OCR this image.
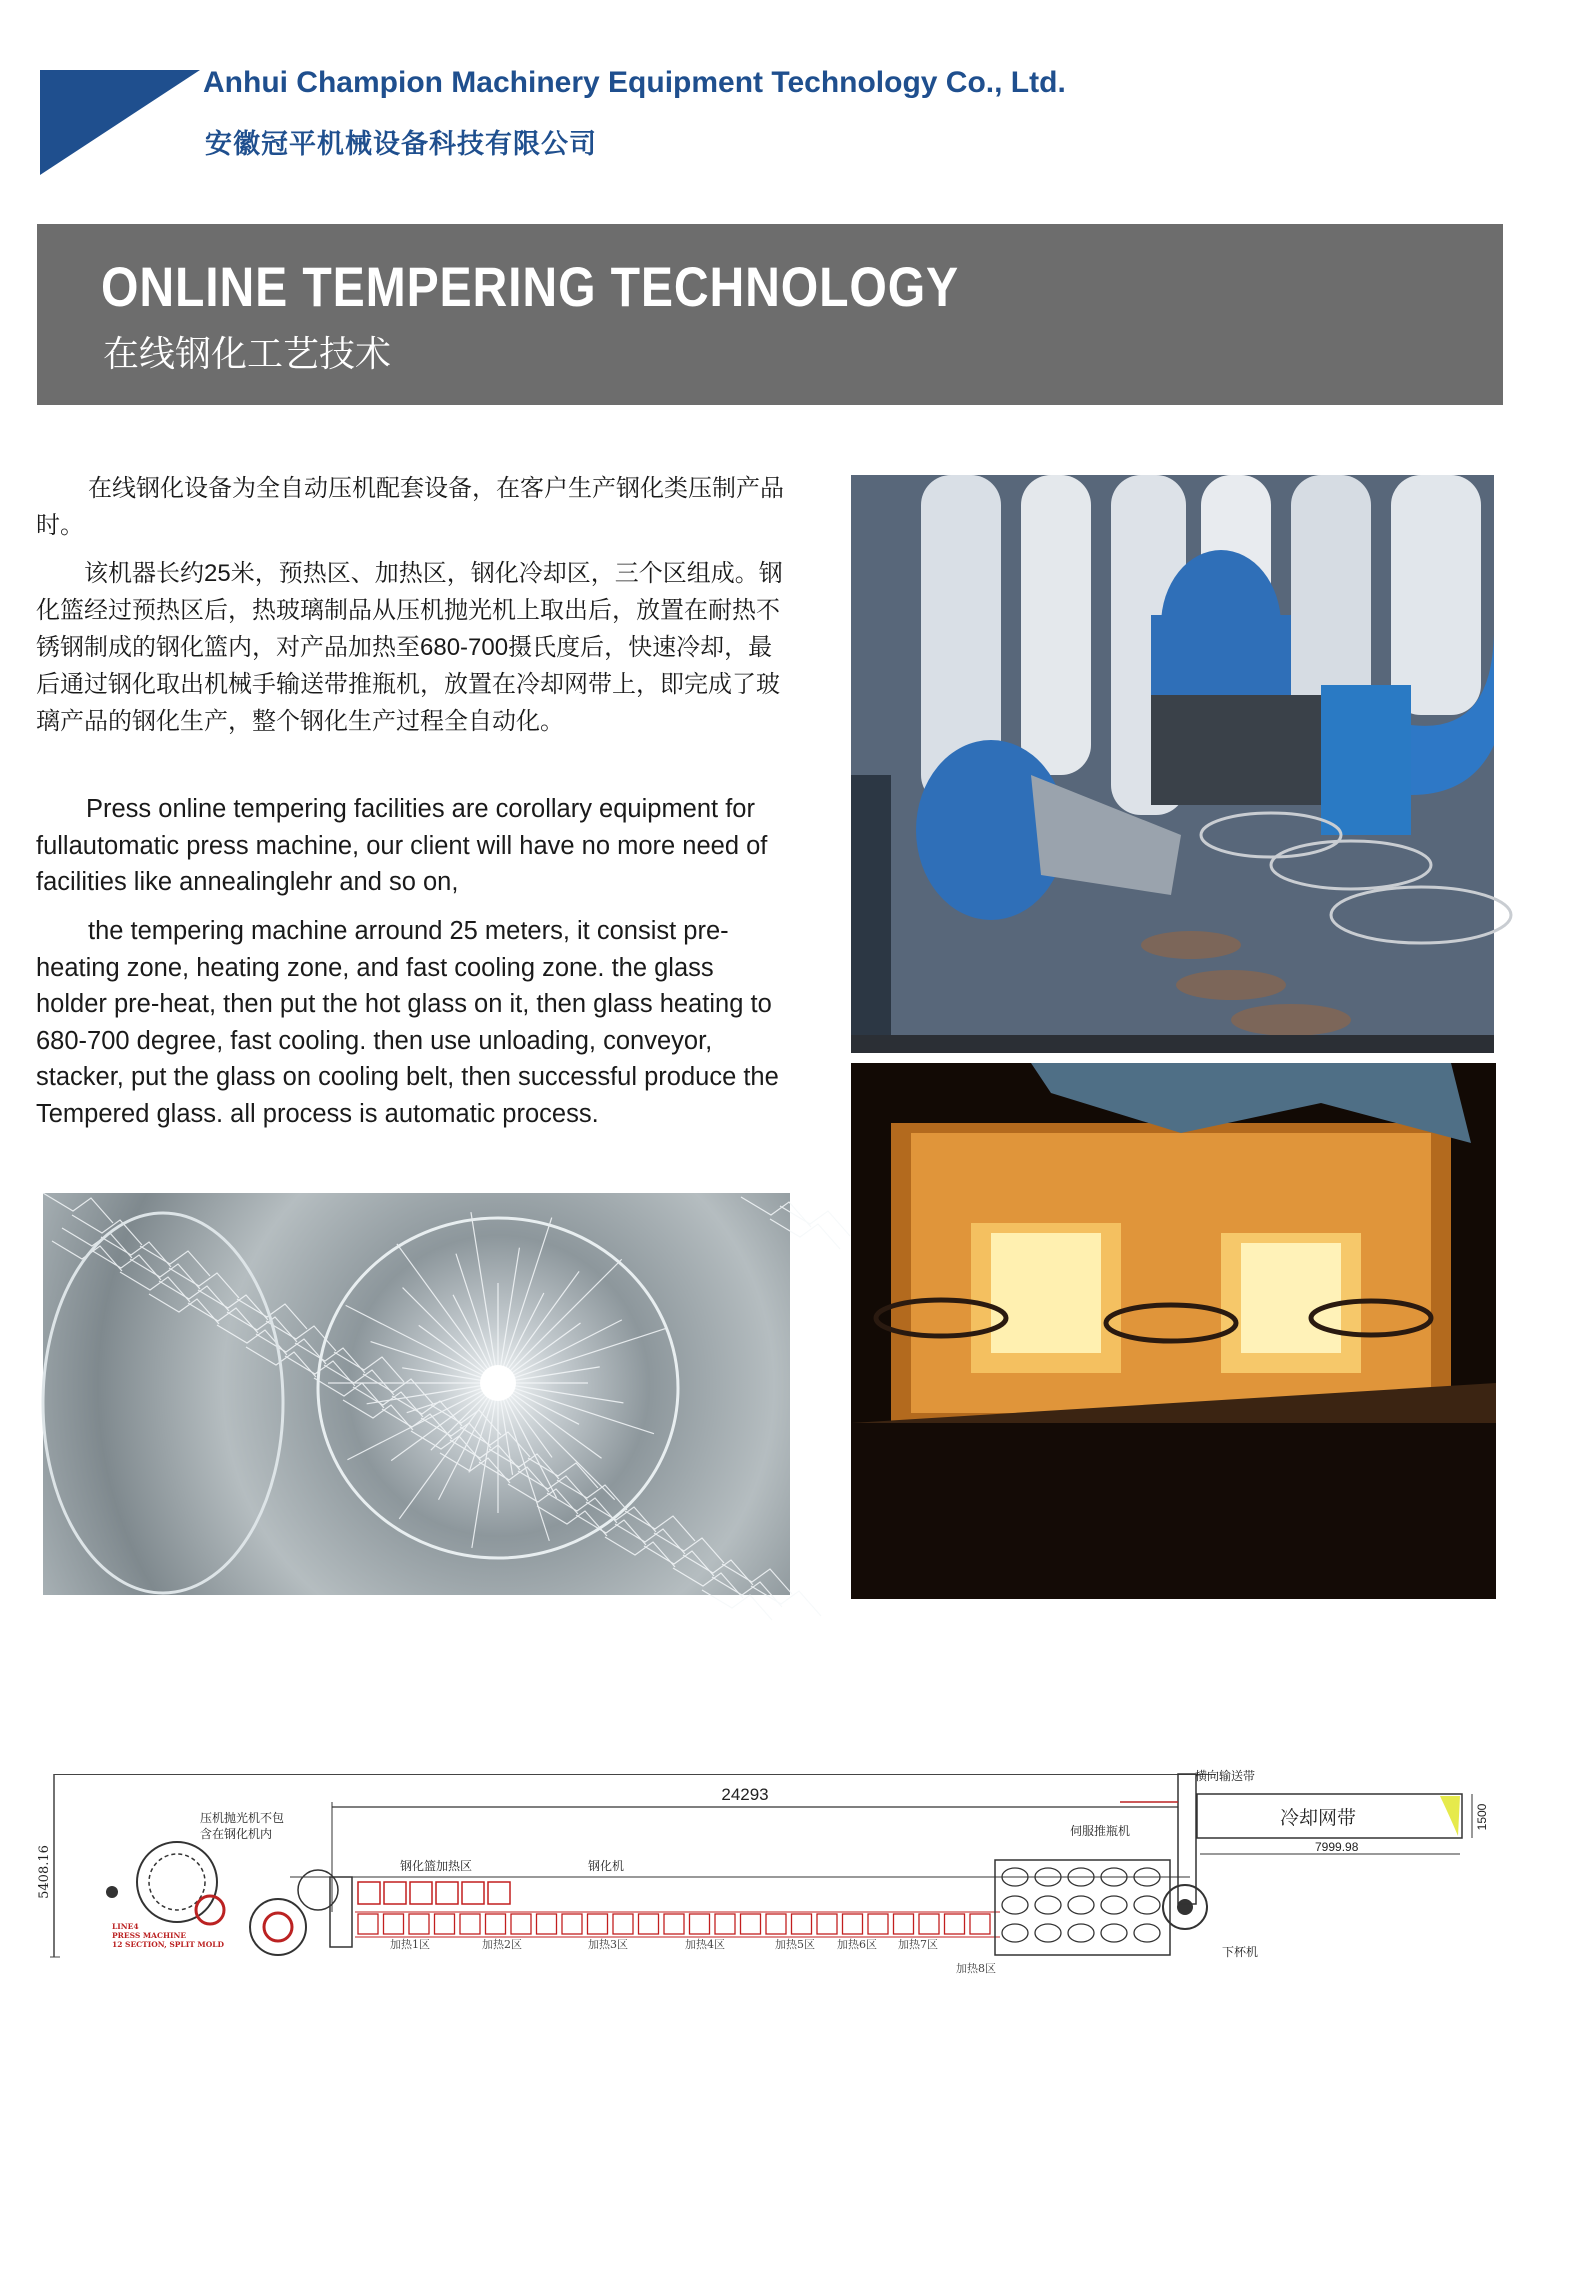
Anhui Champion Machinery Equipment Technology Co., Ltd.
安徽冠平机械设备科技有限公司
ONLINE TEMPERING TECHNOLOGY
在线钢化工艺技术

在线钢化设备为全自动压机配套设备，在客户生产钢化类压制产品时。

该机器长约25米，预热区、加热区，钢化冷却区，三个区组成。钢化篮经过预热区后，热玻璃制品从压机抛光机上取出后，放置在耐热不锈钢制成的钢化篮内，对产品加热至680-700摄氏度后，快速冷却，最后通过钢化取出机械手输送带推瓶机，放置在冷却网带上，即完成了玻璃产品的钢化生产，整个钢化生产过程全自动化。

Press online tempering facilities are corollary equipment for fullautomatic press machine, our client will have no more need of facilities like annealinglehr and so on,

the tempering machine arround 25 meters, it consist pre-heating zone, heating zone, and fast cooling zone. the glass holder pre-heat, then put the hot glass on it, then glass heating to 680-700 degree, fast cooling. then use unloading, conveyor, stacker, put the glass on cooling belt, then successful produce the Tempered glass. all process is automatic process.

5408.16
24293
压机抛光机不包
含在钢化机内
LINE4
PRESS MACHINE
12 SECTION, SPLIT MOLD
钢化篮加热区	钢化机
加热1区	加热2区	加热3区	加热4区	加热5区 加热6区 加热7区
加热8区
横向输送带
伺服推瓶机
冷却网带
7999.98
1500
下杯机
